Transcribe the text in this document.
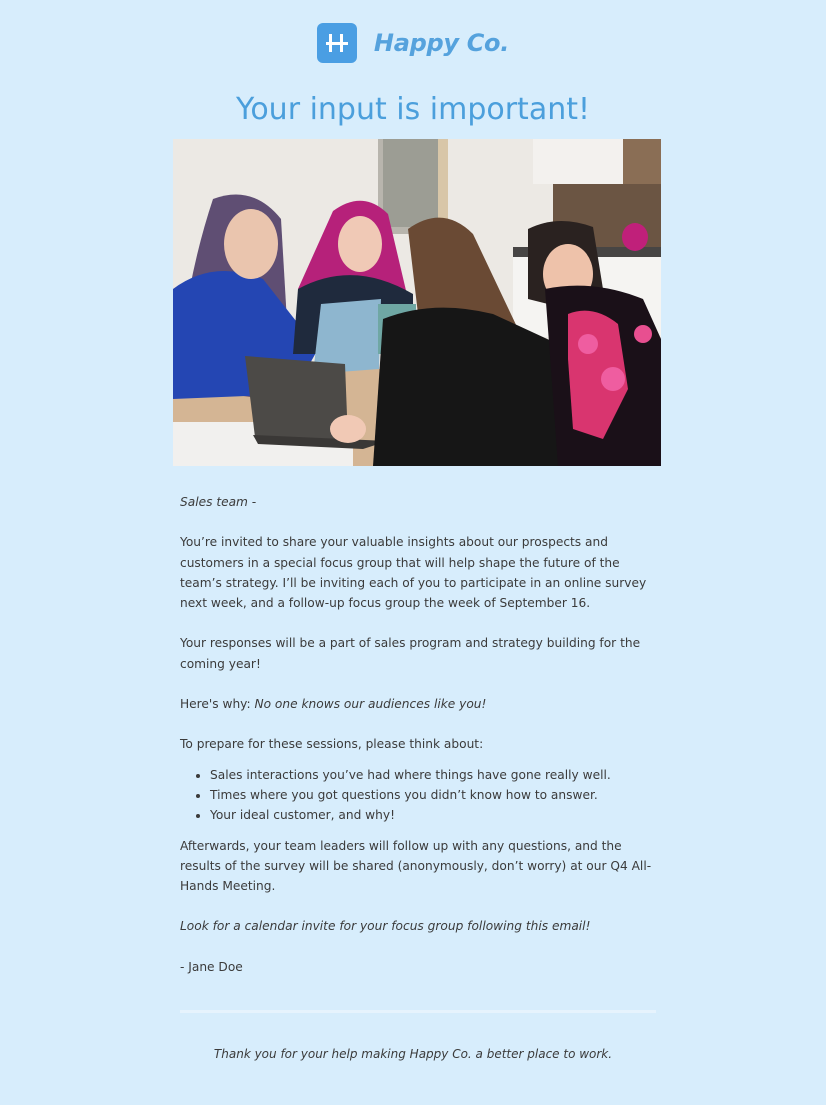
Happy Co.
Your input is important!

Sales team -

You’re invited to share your valuable insights about our prospects and customers in a special focus group that will help shape the future of the team’s strategy. I’ll be inviting each of you to participate in an online survey next week, and a follow-up focus group the week of September 16.

Your responses will be a part of sales program and strategy building for the coming year!

Here's why: No one knows our audiences like you!

To prepare for these sessions, please think about:

• Sales interactions you’ve had where things have gone really well.
• Times where you got questions you didn’t know how to answer.
• Your ideal customer, and why!

Afterwards, your team leaders will follow up with any questions, and the results of the survey will be shared (anonymously, don’t worry) at our Q4 All-Hands Meeting.

Look for a calendar invite for your focus group following this email!

- Jane Doe

Thank you for your help making Happy Co. a better place to work.
